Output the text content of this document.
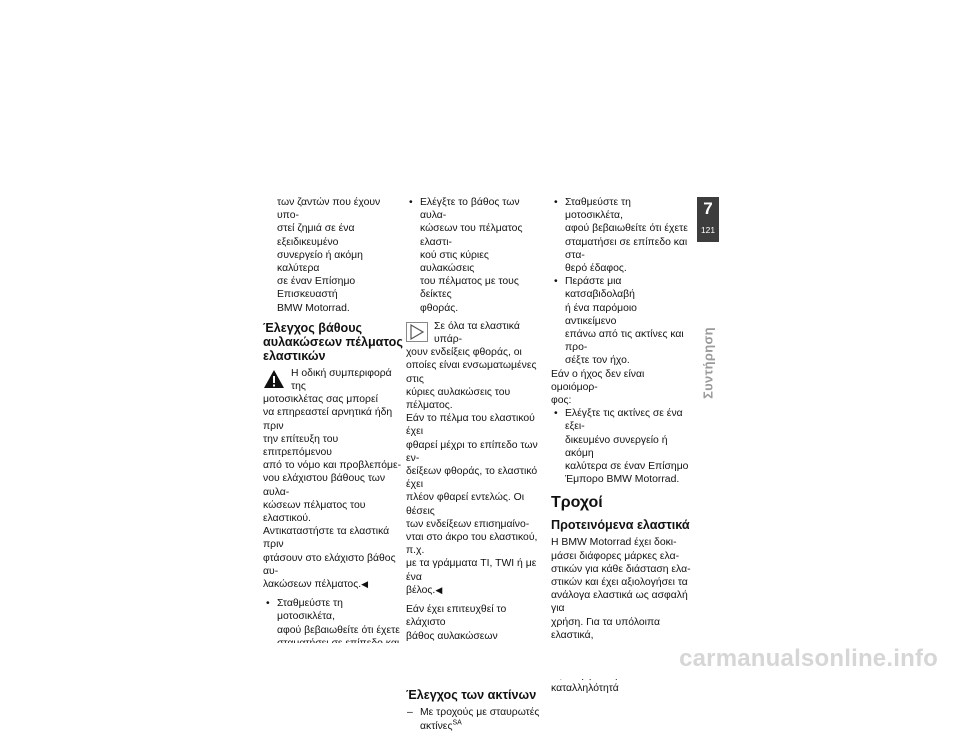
των ζαντών που έχουν υπο-

στεί ζημιά σε ένα εξειδικευμένο

συνεργείο ή ακόμη καλύτερα

σε έναν Επίσημο Επισκευαστή

BMW Motorrad.

Έλεγχος βάθους αυλακώσεων πέλματος ελαστικών

Η οδική συμπεριφορά της

μοτοσικλέτας σας μπορεί

να επηρεαστεί αρνητικά ήδη πριν

την επίτευξη του επιτρεπόμενου

από το νόμο και προβλεπόμε-

νου ελάχιστου βάθους των αυλα-

κώσεων πέλματος του ελαστικού.

Αντικαταστήστε τα ελαστικά πριν

φτάσουν στο ελάχιστο βάθος αυ-

λακώσεων πέλματος.◀

• Σταθμεύστε τη μοτοσικλέτα,
αφού βεβαιωθείτε ότι έχετε
• Ελέγξτε το βάθος των αυλα-
κώσεων του πέλματος ελαστι-
κού στις κύριες αυλακώσεις
του πέλματος με τους δείκτες
φθοράς.

Σε όλα τα ελαστικά υπάρ-

χουν ενδείξεις φθοράς, οι

οποίες είναι ενσωματωμένες στις

κύριες αυλακώσεις του πέλματος.

Εάν το πέλμα του ελαστικού έχει

φθαρεί μέχρι το επίπεδο των εν-

δείξεων φθοράς, το ελαστικό έχει

πλέον φθαρεί εντελώς. Οι θέσεις

των ενδείξεων επισημαίνο-

νται στο άκρο του ελαστικού, π.χ.

με τα γράμματα TI, TWI ή με ένα

βέλος.◀

Εάν έχει επιτευχθεί το ελάχιστο

βάθος αυλακώσεων

•
Έλεγχος των ακτίνων
– Με τροχούς με σταυρωτές
ακτίνες$^{SA}$
• Σταθμεύστε τη μοτοσικλέτα,
αφού βεβαιωθείτε ότι έχετε
σταματήσει σε επίπεδο και στα-
θερό έδαφος.
• Περάστε μια κατσαβιδολαβή
ή ένα παρόμοιο αντικείμενο
επάνω από τις ακτίνες και προ-
σέξτε τον ήχο.

Εάν ο ήχος δεν είναι ομοιόμορ-

φος:

• Ελέγξτε τις ακτίνες σε ένα εξει-
δικευμένο συνεργείο ή ακόμη
καλύτερα σε έναν Επίσημο
Έμπορο BMW Motorrad.
Τροχοί
Προτεινόμενα ελαστικά

Η BMW Motorrad έχει δοκι-

μάσει διάφορες μάρκες ελα-

στικών για κάθε διάσταση ελα-

στικών και έχει αξιολογήσει τα

ανάλογα ελαστικά ως ασφαλή για

χρήση. Για τα υπόλοιπα ελαστικά,

καταλληλότητά

7
121
Συντήρηση
carmanualsonline.info
